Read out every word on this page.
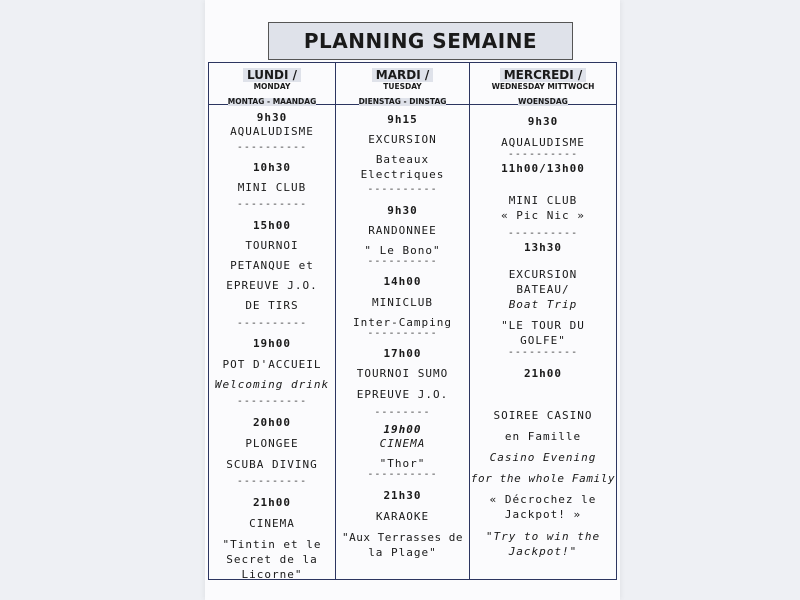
PLANNING SEMAINE
LUNDI /
MONDAY
MONTAG - MAANDAG
9h30
AQUALUDISME
----------
10h30
MINI CLUB
----------
15h00
TOURNOI
PETANQUE et
EPREUVE J.O.
DE TIRS
----------
19h00
POT D'ACCUEIL
Welcoming drink
----------
20h00
PLONGEE
SCUBA DIVING
----------
21h00
CINEMA
"Tintin et le
Secret de la
Licorne"
MARDI /
TUESDAY
DIENSTAG - DINSTAG
9h15
EXCURSION
Bateaux
Electriques
----------
9h30
RANDONNEE
" Le Bono"
----------
14h00
MINICLUB
Inter-Camping
----------
17h00
TOURNOI SUMO
EPREUVE J.O.
--------
19h00
CINEMA
"Thor"
----------
21h30
KARAOKE
"Aux Terrasses de
la Plage"
MERCREDI /
WEDNESDAY MITTWOCH
WOENSDAG
9h30
AQUALUDISME
----------
11h00/13h00
MINI CLUB
« Pic Nic »
----------
13h30
EXCURSION
BATEAU/
Boat Trip
"LE TOUR DU
GOLFE"
----------
21h00
SOIREE CASINO
en Famille
Casino Evening
for the whole Family
« Décrochez le
Jackpot! »
"Try to win the
Jackpot!"
